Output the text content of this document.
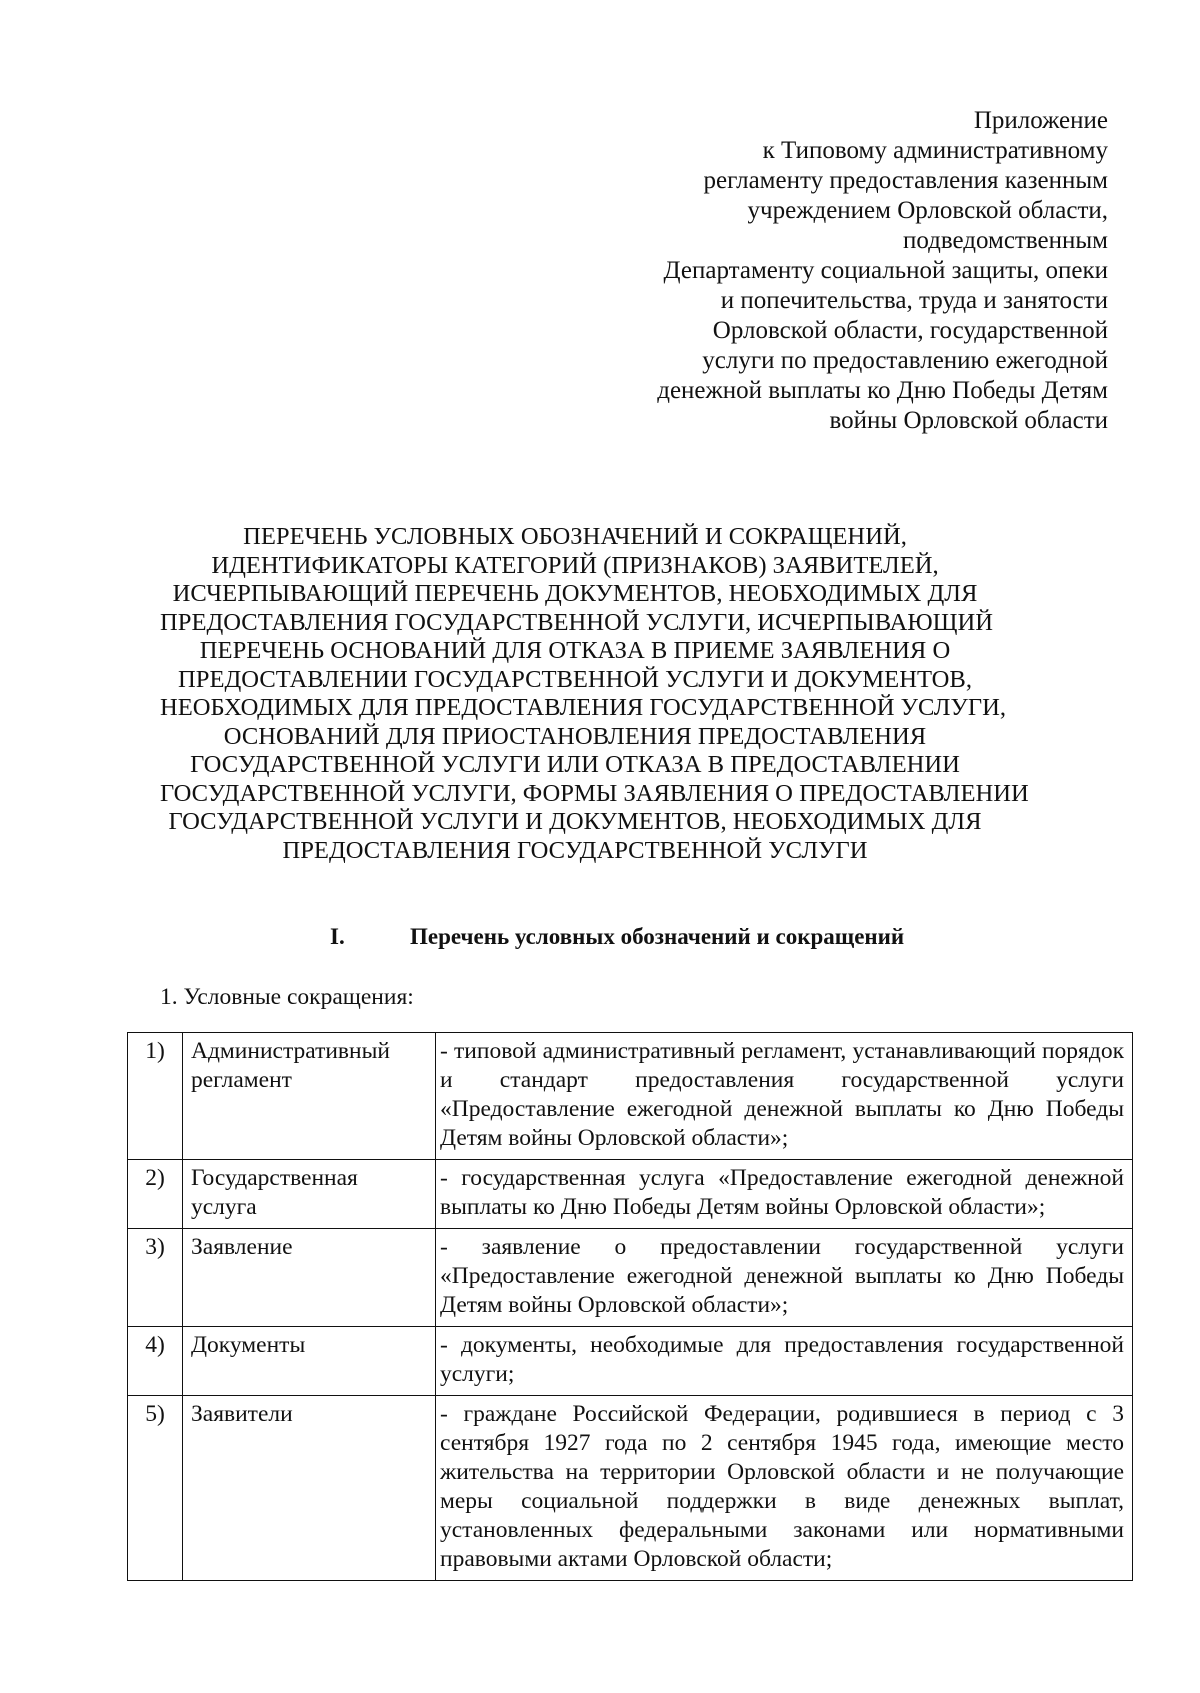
Приложение
к Типовому административному
регламенту предоставления казенным
учреждением Орловской области,
подведомственным
Департаменту социальной защиты, опеки
и попечительства, труда и занятости
Орловской области, государственной
услуги по предоставлению ежегодной
денежной выплаты ко Дню Победы Детям
войны Орловской области
ПЕРЕЧЕНЬ УСЛОВНЫХ ОБОЗНАЧЕНИЙ И СОКРАЩЕНИЙ,
ИДЕНТИФИКАТОРЫ КАТЕГОРИЙ (ПРИЗНАКОВ) ЗАЯВИТЕЛЕЙ,
ИСЧЕРПЫВАЮЩИЙ ПЕРЕЧЕНЬ ДОКУМЕНТОВ, НЕОБХОДИМЫХ ДЛЯ
ПРЕДОСТАВЛЕНИЯ ГОСУДАРСТВЕННОЙ УСЛУГИ, ИСЧЕРПЫВАЮЩИЙ
ПЕРЕЧЕНЬ ОСНОВАНИЙ ДЛЯ ОТКАЗА В ПРИЕМЕ ЗАЯВЛЕНИЯ О
ПРЕДОСТАВЛЕНИИ ГОСУДАРСТВЕННОЙ УСЛУГИ И ДОКУМЕНТОВ,
НЕОБХОДИМЫХ ДЛЯ ПРЕДОСТАВЛЕНИЯ ГОСУДАРСТВЕННОЙ УСЛУГИ,
ОСНОВАНИЙ ДЛЯ ПРИОСТАНОВЛЕНИЯ ПРЕДОСТАВЛЕНИЯ
ГОСУДАРСТВЕННОЙ УСЛУГИ ИЛИ ОТКАЗА В ПРЕДОСТАВЛЕНИИ
ГОСУДАРСТВЕННОЙ УСЛУГИ, ФОРМЫ ЗАЯВЛЕНИЯ О ПРЕДОСТАВЛЕНИИ
ГОСУДАРСТВЕННОЙ УСЛУГИ И ДОКУМЕНТОВ, НЕОБХОДИМЫХ ДЛЯ
ПРЕДОСТАВЛЕНИЯ ГОСУДАРСТВЕННОЙ УСЛУГИ
I.	Перечень условных обозначений и сокращений
1. Условные сокращения:
1)	Административный регламент	- типовой административный регламент, устанавливающий порядок и стандарт предоставления государственной услуги «Предоставление ежегодной денежной выплаты ко Дню Победы Детям войны Орловской области»;
2)	Государственная услуга	- государственная услуга «Предоставление ежегодной денежной выплаты ко Дню Победы Детям войны Орловской области»;
3)	Заявление	- заявление о предоставлении государственной услуги «Предоставление ежегодной денежной выплаты ко Дню Победы Детям войны Орловской области»;
4)	Документы	- документы, необходимые для предоставления государственной услуги;
5)	Заявители	- граждане Российской Федерации, родившиеся в период с 3 сентября 1927 года по 2 сентября 1945 года, имеющие место жительства на территории Орловской области и не получающие меры социальной поддержки в виде денежных выплат, установленных федеральными законами или нормативными правовыми актами Орловской области;
